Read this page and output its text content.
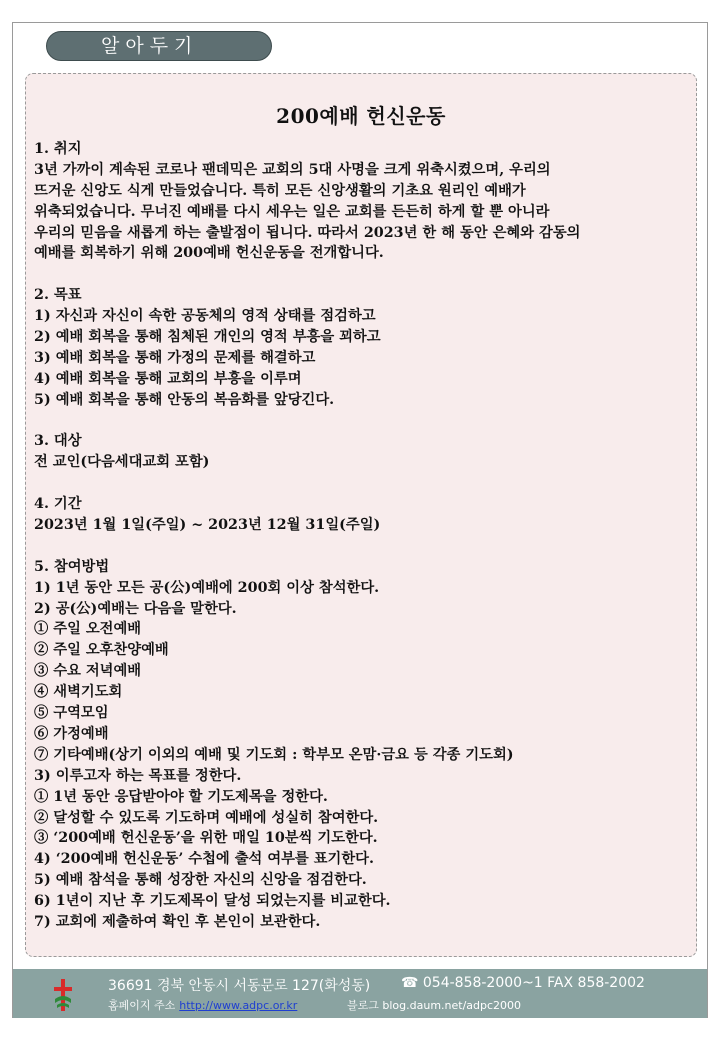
알아두기
200예배 헌신운동
1. 취지
3년 가까이 계속된 코로나 팬데믹은 교회의 5대 사명을 크게 위축시켰으며, 우리의
뜨거운 신앙도 식게 만들었습니다. 특히 모든 신앙생활의 기초요 원리인 예배가
위축되었습니다. 무너진 예배를 다시 세우는 일은 교회를 든든히 하게 할 뿐 아니라
우리의 믿음을 새롭게 하는 출발점이 됩니다. 따라서 2023년 한 해 동안 은혜와 감동의
예배를 회복하기 위해 200예배 헌신운동을 전개합니다.
2. 목표
1) 자신과 자신이 속한 공동체의 영적 상태를 점검하고
2) 예배 회복을 통해 침체된 개인의 영적 부흥을 꾀하고
3) 예배 회복을 통해 가정의 문제를 해결하고
4) 예배 회복을 통해 교회의 부흥을 이루며
5) 예배 회복을 통해 안동의 복음화를 앞당긴다.
3. 대상
전 교인(다음세대교회 포함)
4. 기간
2023년 1월 1일(주일) ~ 2023년 12월 31일(주일)
5. 참여방법
1) 1년 동안 모든 공(公)예배에 200회 이상 참석한다.
2) 공(公)예배는 다음을 말한다.
① 주일 오전예배
② 주일 오후찬양예배
③ 수요 저녁예배
④ 새벽기도회
⑤ 구역모임
⑥ 가정예배
⑦ 기타예배(상기 이외의 예배 및 기도회 : 학부모 온맘·금요 등 각종 기도회)
3) 이루고자 하는 목표를 정한다.
① 1년 동안 응답받아야 할 기도제목을 정한다.
② 달성할 수 있도록 기도하며 예배에 성실히 참여한다.
③ ‘200예배 헌신운동’을 위한 매일 10분씩 기도한다.
4) ‘200예배 헌신운동’ 수첩에 출석 여부를 표기한다.
5) 예배 참석을 통해 성장한 자신의 신앙을 점검한다.
6) 1년이 지난 후 기도제목이 달성 되었는지를 비교한다.
7) 교회에 제출하여 확인 후 본인이 보관한다.
36691 경북 안동시 서동문로 127(화성동) ☎ 054-858-2000~1 FAX 858-2002
홈페이지 주소 http://www.adpc.or.kr	블로그 blog.daum.net/adpc2000
